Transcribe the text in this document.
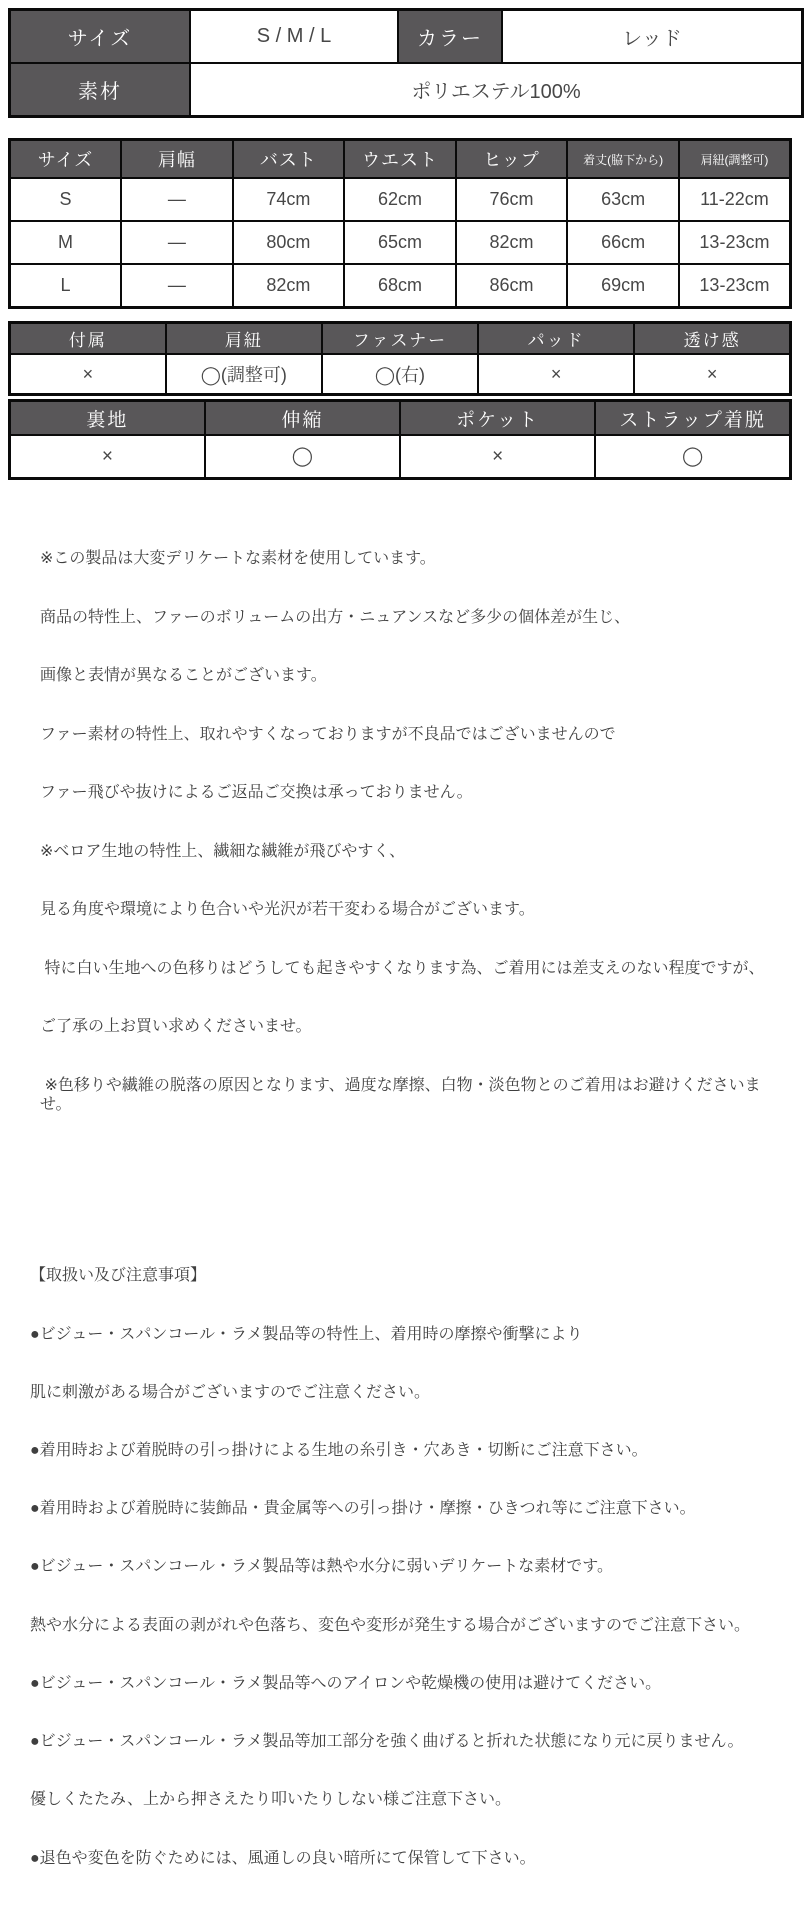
サイズ	S / M / L	カラー	レッド
素材	ポリエステル100%		
サイズ	肩幅	バスト	ウエスト	ヒップ	着丈(脇下から)	肩紐(調整可)
S	―	74cm	62cm	76cm	63cm	11-22cm
M	―	80cm	65cm	82cm	66cm	13-23cm
L	―	82cm	68cm	86cm	69cm	13-23cm
付属	肩紐	ファスナー	パッド	透け感
×	◯(調整可)	◯(右)	×	×
裏地	伸縮	ポケット	ストラップ着脱
×	◯	×	◯

※この製品は大変デリケートな素材を使用しています。

商品の特性上、ファーのボリュームの出方・ニュアンスなど多少の個体差が生じ、

画像と表情が異なることがございます。

ファー素材の特性上、取れやすくなっておりますが不良品ではございませんので

ファー飛びや抜けによるご返品ご交換は承っておりません。

※ベロア生地の特性上、繊細な繊維が飛びやすく、

見る角度や環境により色合いや光沢が若干変わる場合がございます。

特に白い生地への色移りはどうしても起きやすくなります為、ご着用には差支えのない程度ですが、

ご了承の上お買い求めくださいませ。

※色移りや繊維の脱落の原因となります、過度な摩擦、白物・淡色物とのご着用はお避けくださいませ。

【取扱い及び注意事項】

●ビジュー・スパンコール・ラメ製品等の特性上、着用時の摩擦や衝撃により

肌に刺激がある場合がございますのでご注意ください。

●着用時および着脱時の引っ掛けによる生地の糸引き・穴あき・切断にご注意下さい。

●着用時および着脱時に装飾品・貴金属等への引っ掛け・摩擦・ひきつれ等にご注意下さい。

●ビジュー・スパンコール・ラメ製品等は熱や水分に弱いデリケートな素材です。

熱や水分による表面の剥がれや色落ち、変色や変形が発生する場合がございますのでご注意下さい。

●ビジュー・スパンコール・ラメ製品等へのアイロンや乾燥機の使用は避けてください。

●ビジュー・スパンコール・ラメ製品等加工部分を強く曲げると折れた状態になり元に戻りません。

優しくたたみ、上から押さえたり叩いたりしない様ご注意下さい。

●退色や変色を防ぐためには、風通しの良い暗所にて保管して下さい。
